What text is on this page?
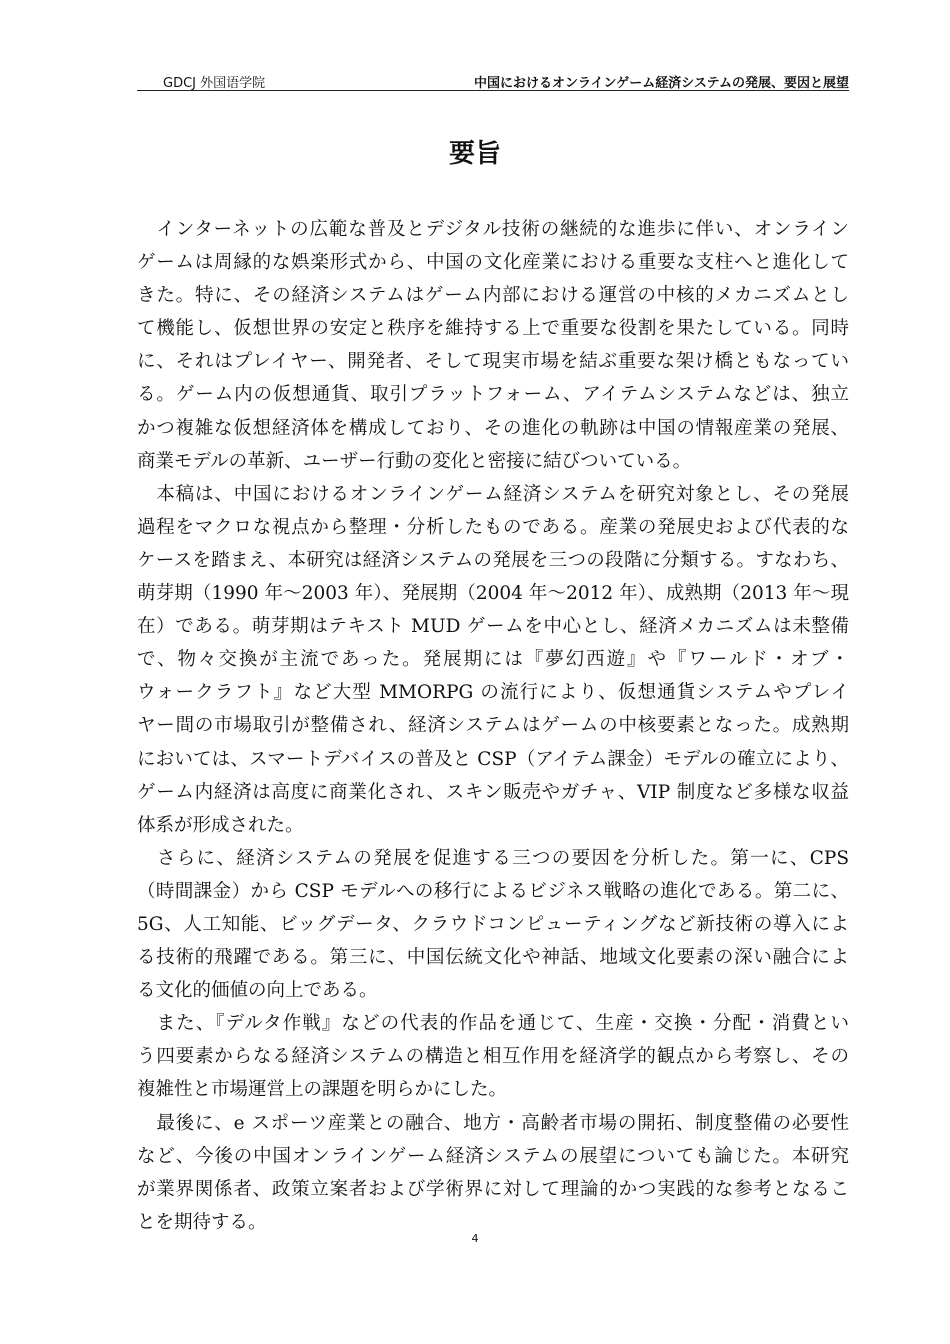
GDCJ 外国语学院	中国におけるオンラインゲーム経済システムの発展、要因と展望
要旨
　インターネットの広範な普及とデジタル技術の継続的な進歩に伴い、オンライン
ゲームは周縁的な娯楽形式から、中国の文化産業における重要な支柱へと進化して
きた。特に、その経済システムはゲーム内部における運営の中核的メカニズムとし
て機能し、仮想世界の安定と秩序を維持する上で重要な役割を果たしている。同時
に、それはプレイヤー、開発者、そして現実市場を結ぶ重要な架け橋ともなってい
る。ゲーム内の仮想通貨、取引プラットフォーム、アイテムシステムなどは、独立
かつ複雑な仮想経済体を構成しており、その進化の軌跡は中国の情報産業の発展、
商業モデルの革新、ユーザー行動の変化と密接に結びついている。
　本稿は、中国におけるオンラインゲーム経済システムを研究対象とし、その発展
過程をマクロな視点から整理・分析したものである。産業の発展史および代表的な
ケースを踏まえ、本研究は経済システムの発展を三つの段階に分類する。すなわち、
萌芽期（1990 年～2003 年）、発展期（2004 年～2012 年）、成熟期（2013 年～現
在）である。萌芽期はテキスト MUD ゲームを中心とし、経済メカニズムは未整備
で、物々交換が主流であった。発展期には『夢幻西遊』や『ワールド・オブ・
ウォークラフト』など大型 MMORPG の流行により、仮想通貨システムやプレイ
ヤー間の市場取引が整備され、経済システムはゲームの中核要素となった。成熟期
においては、スマートデバイスの普及と CSP（アイテム課金）モデルの確立により、
ゲーム内経済は高度に商業化され、スキン販売やガチャ、VIP 制度など多様な収益
体系が形成された。
　さらに、経済システムの発展を促進する三つの要因を分析した。第一に、CPS
（時間課金）から CSP モデルへの移行によるビジネス戦略の進化である。第二に、
5G、人工知能、ビッグデータ、クラウドコンピューティングなど新技術の導入によ
る技術的飛躍である。第三に、中国伝統文化や神話、地域文化要素の深い融合によ
る文化的価値の向上である。
　また、『デルタ作戦』などの代表的作品を通じて、生産・交換・分配・消費とい
う四要素からなる経済システムの構造と相互作用を経済学的観点から考察し、その
複雑性と市場運営上の課題を明らかにした。
　最後に、e スポーツ産業との融合、地方・高齢者市場の開拓、制度整備の必要性
など、今後の中国オンラインゲーム経済システムの展望についても論じた。本研究
が業界関係者、政策立案者および学術界に対して理論的かつ実践的な参考となるこ
とを期待する。
4
